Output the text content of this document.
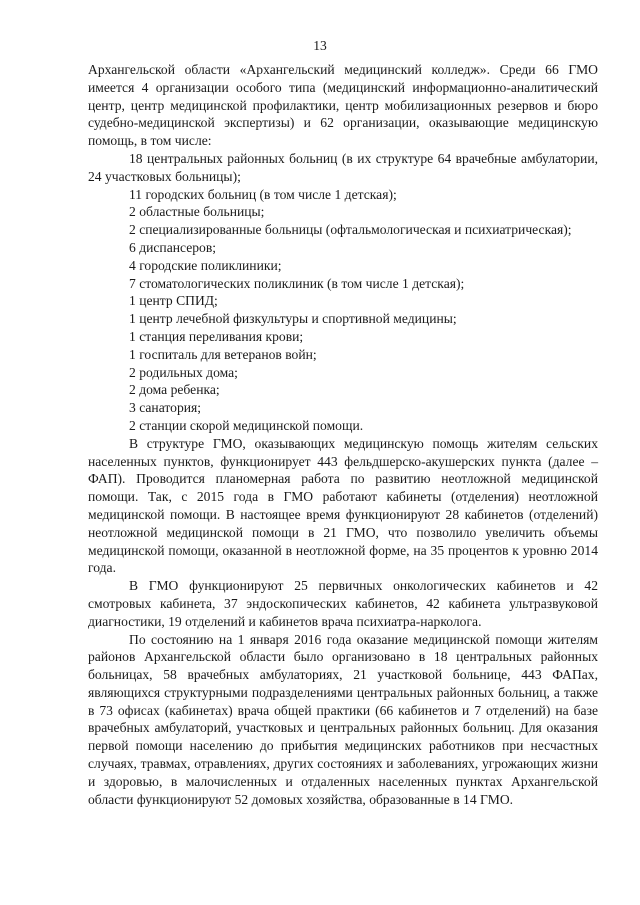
13

Архангельской области «Архангельский медицинский колледж». Среди 66 ГМО имеется 4 организации особого типа (медицинский информационно-аналитический центр, центр медицинской профилактики, центр мобилизационных резервов и бюро судебно-медицинской экспертизы) и 62 организации, оказывающие медицинскую помощь, в том числе:

18 центральных районных больниц (в их структуре 64 врачебные амбулатории, 24 участковых больницы);

11 городских больниц (в том числе 1 детская);

2 областные больницы;

2 специализированные больницы (офтальмологическая и психиатрическая);

6 диспансеров;

4 городские поликлиники;

7 стоматологических поликлиник (в том числе 1 детская);

1 центр СПИД;

1 центр лечебной физкультуры и спортивной медицины;

1 станция переливания крови;

1 госпиталь для ветеранов войн;

2 родильных дома;

2 дома ребенка;

3 санатория;

2 станции скорой медицинской помощи.

В структуре ГМО, оказывающих медицинскую помощь жителям сельских населенных пунктов, функционирует 443 фельдшерско-акушерских пункта (далее – ФАП). Проводится планомерная работа по развитию неотложной медицинской помощи. Так, с 2015 года в ГМО работают кабинеты (отделения) неотложной медицинской помощи. В настоящее время функционируют 28 кабинетов (отделений) неотложной медицинской помощи в 21 ГМО, что позволило увеличить объемы медицинской помощи, оказанной в неотложной форме, на 35 процентов к уровню 2014 года.

В ГМО функционируют 25 первичных онкологических кабинетов и 42 смотровых кабинета, 37 эндоскопических кабинетов, 42 кабинета ультразвуковой диагностики, 19 отделений и кабинетов врача психиатра-нарколога.

По состоянию на 1 января 2016 года оказание медицинской помощи жителям районов Архангельской области было организовано в 18 центральных районных больницах, 58 врачебных амбулаториях, 21 участковой больнице, 443 ФАПах, являющихся структурными подразделениями центральных районных больниц, а также в 73 офисах (кабинетах) врача общей практики (66 кабинетов и 7 отделений) на базе врачебных амбулаторий, участковых и центральных районных больниц. Для оказания первой помощи населению до прибытия медицинских работников при несчастных случаях, травмах, отравлениях, других состояниях и заболеваниях, угрожающих жизни и здоровью, в малочисленных и отдаленных населенных пунктах Архангельской области функционируют 52 домовых хозяйства, образованные в 14 ГМО.
